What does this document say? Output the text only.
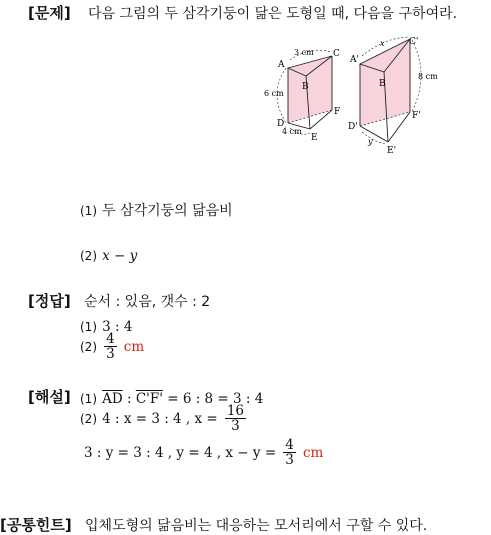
[문제] 다음 그림의 두 삼각기둥이 닮은 도형일 때, 다음을 구하여라.
A
B
C
D
E
F
3 cm
6 cm
4 cm
A'
B
C'
D'
E'
F'
x
8 cm
y
(1) 두 삼각기둥의 닮음비
(2) x − y
[정답] 순서 : 있음, 갯수 : 2
(1) 3 : 4
$(2) \frac{4}{3}$ cm
[해설] (1) $\overline{AD}$ : C'F' = 6 : 8 = 3 : 4
(2) 4 : x = 3 : 4 , $x = \frac{16}{3}$
3 : y = 3 : 4 , y = 4 , $x - y = \frac{4}{3}$ cm
[공통힌트] 입체도형의 닮음비는 대응하는 모서리에서 구할 수 있다.
